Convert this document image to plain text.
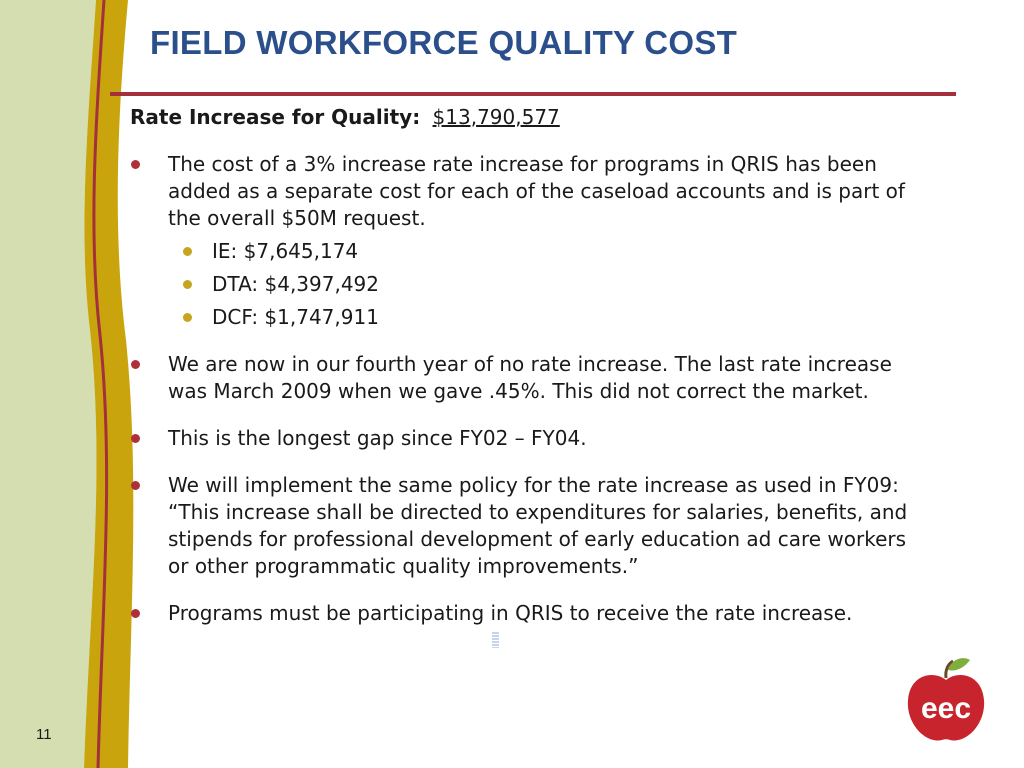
FIELD WORKFORCE QUALITY COST

Rate Increase for Quality: $13,790,577

The cost of a 3% increase rate increase for programs in QRIS has been added as a separate cost for each of the caseload accounts and is part of the overall $50M request.
IE: $7,645,174
DTA: $4,397,492
DCF: $1,747,911
We are now in our fourth year of no rate increase. The last rate increase was March 2009 when we gave .45%. This did not correct the market.
This is the longest gap since FY02 – FY04.
We will implement the same policy for the rate increase as used in FY09: “This increase shall be directed to expenditures for salaries, benefits, and stipends for professional development of early education ad care workers or other programmatic quality improvements.”
Programs must be participating in QRIS to receive the rate increase.
11
eec
